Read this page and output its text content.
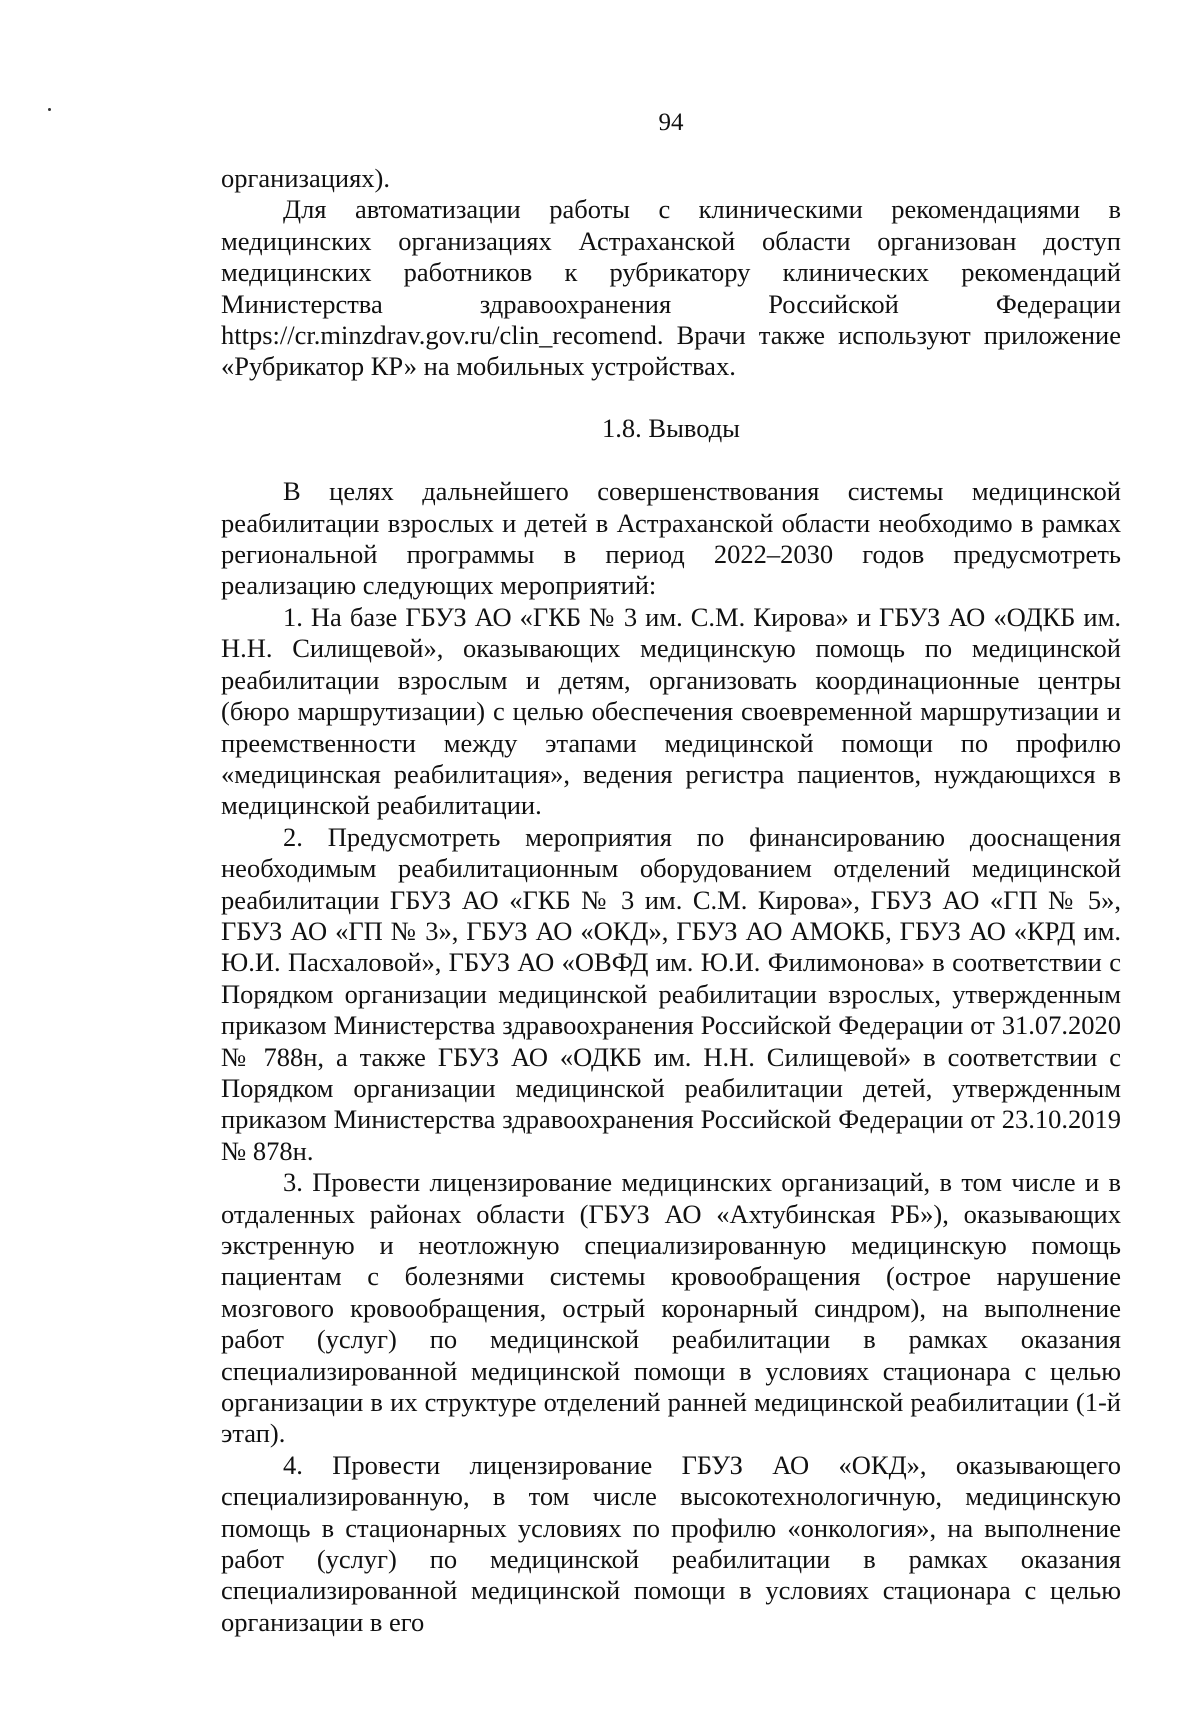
94

организациях).

Для автоматизации работы с клиническими рекомендациями в медицинских организациях Астраханской области организован доступ медицинских работников к рубрикатору клинических рекомендаций Министерства здравоохранения Российской Федерации https://cr.minzdrav.gov.ru/clin_recomend. Врачи также используют приложение «Рубрикатор КР» на мобильных устройствах.

1.8. Выводы

В целях дальнейшего совершенствования системы медицинской реабилитации взрослых и детей в Астраханской области необходимо в рамках региональной программы в период 2022–2030 годов предусмотреть реализацию следующих мероприятий:

1. На базе ГБУЗ АО «ГКБ № 3 им. С.М. Кирова» и ГБУЗ АО «ОДКБ им. Н.Н. Силищевой», оказывающих медицинскую помощь по медицинской реабилитации взрослым и детям, организовать координационные центры (бюро маршрутизации) с целью обеспечения своевременной маршрутизации и преемственности между этапами медицинской помощи по профилю «медицинская реабилитация», ведения регистра пациентов, нуждающихся в медицинской реабилитации.

2. Предусмотреть мероприятия по финансированию дооснащения необходимым реабилитационным оборудованием отделений медицинской реабилитации ГБУЗ АО «ГКБ № 3 им. С.М. Кирова», ГБУЗ АО «ГП № 5», ГБУЗ АО «ГП № 3», ГБУЗ АО «ОКД», ГБУЗ АО АМОКБ, ГБУЗ АО «КРД им. Ю.И. Пасхаловой», ГБУЗ АО «ОВФД им. Ю.И. Филимонова» в соответствии с Порядком организации медицинской реабилитации взрослых, утвержденным приказом Министерства здравоохранения Российской Федерации от 31.07.2020 № 788н, а также ГБУЗ АО «ОДКБ им. Н.Н. Силищевой» в соответствии с Порядком организации медицинской реабилитации детей, утвержденным приказом Министерства здравоохранения Российской Федерации от 23.10.2019 № 878н.

3. Провести лицензирование медицинских организаций, в том числе и в отдаленных районах области (ГБУЗ АО «Ахтубинская РБ»), оказывающих экстренную и неотложную специализированную медицинскую помощь пациентам с болезнями системы кровообращения (острое нарушение мозгового кровообращения, острый коронарный синдром), на выполнение работ (услуг) по медицинской реабилитации в рамках оказания специализированной медицинской помощи в условиях стационара с целью организации в их структуре отделений ранней медицинской реабилитации (1-й этап).

4. Провести лицензирование ГБУЗ АО «ОКД», оказывающего специализированную, в том числе высокотехнологичную, медицинскую помощь в стационарных условиях по профилю «онкология», на выполнение работ (услуг) по медицинской реабилитации в рамках оказания специализированной медицинской помощи в условиях стационара с целью организации в его
